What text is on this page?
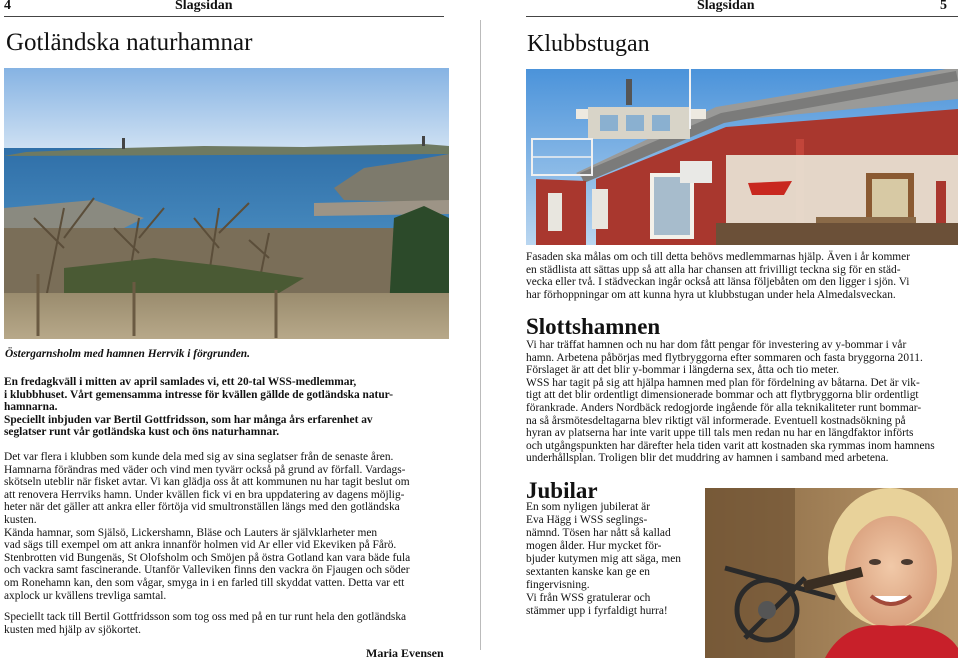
4	Slagsidan	Slagsidan	5
Gotländska naturhamnar
Östergarnsholm med hamnen Herrvik i förgrunden.
En fredagkväll i mitten av april samlades vi, ett 20-tal WSS-medlemmar,
i klubbhuset. Vårt gemensamma intresse för kvällen gällde de gotländska natur-
hamnarna.
Speciellt inbjuden var Bertil Gottfridsson, som har många års erfarenhet av
seglatser runt vår gotländska kust och öns naturhamnar.
Det var flera i klubben som kunde dela med sig av sina seglatser från de senaste åren.
Hamnarna förändras med väder och vind men tyvärr också på grund av förfall. Vardags-
skötseln uteblir när fisket avtar. Vi kan glädja oss åt att kommunen nu har tagit beslut om
att renovera Herrviks hamn. Under kvällen fick vi en bra uppdatering av dagens möjlig-
heter när det gäller att ankra eller förtöja vid smultronställen längs med den gotländska
kusten.
Kända hamnar, som Själsö, Lickershamn, Bläse och Lauters är självklarheter men
vad sägs till exempel om att ankra innanför holmen vid Ar eller vid Ekeviken på Fårö.
Stenbrotten vid Bungenäs, St Olofsholm och Smöjen på östra Gotland kan vara bäde fula
och vackra samt fascinerande. Utanför Valleviken finns den vackra ön Fjaugen och söder
om Ronehamn kan, den som vågar, smyga in i en farled till skyddat vatten. Detta var ett
axplock ur kvällens trevliga samtal.
Speciellt tack till Bertil Gottfridsson som tog oss med på en tur runt hela den gotländska
kusten med hjälp av sjökortet.
Maria Evensen
Klubbstugan
Fasaden ska målas om och till detta behövs medlemmarnas hjälp. Även i år kommer
en städlista att sättas upp så att alla har chansen att frivilligt teckna sig för en städ-
vecka eller två. I städveckan ingår också att länsa följebåten om den ligger i sjön. Vi
har förhoppningar om att kunna hyra ut klubbstugan under hela Almedalsveckan.
Slottshamnen
Vi har träffat hamnen och nu har dom fått pengar för investering av y-bommar i vår
hamn. Arbetena påbörjas med flytbryggorna efter sommaren och fasta bryggorna 2011.
Förslaget är att det blir y-bommar i längderna sex, åtta och tio meter.
WSS har tagit på sig att hjälpa hamnen med plan för fördelning av båtarna. Det är vik-
tigt att det blir ordentligt dimensionerade bommar och att flytbryggorna blir ordentligt
förankrade. Anders Nordbäck redogjorde ingående för alla teknikaliteter runt bommar-
na så årsmötesdeltagarna blev riktigt väl informerade. Eventuell kostnadsökning på
hyran av platserna har inte varit uppe till tals men redan nu har en längdfaktor införts
och utgångspunkten har därefter hela tiden varit att kostnaden ska rymmas inom hamnens
underhållsplan. Troligen blir det muddring av hamnen i samband med arbetena.
Jubilar
En som nyligen jubilerat är
Eva Hägg i WSS seglings-
nämnd. Tösen har nått så kallad
mogen ålder. Hur mycket för-
bjuder kutymen mig att säga, men
sextanten kanske kan ge en
fingervisning.
Vi från WSS gratulerar och
stämmer upp i fyrfaldigt hurra!
